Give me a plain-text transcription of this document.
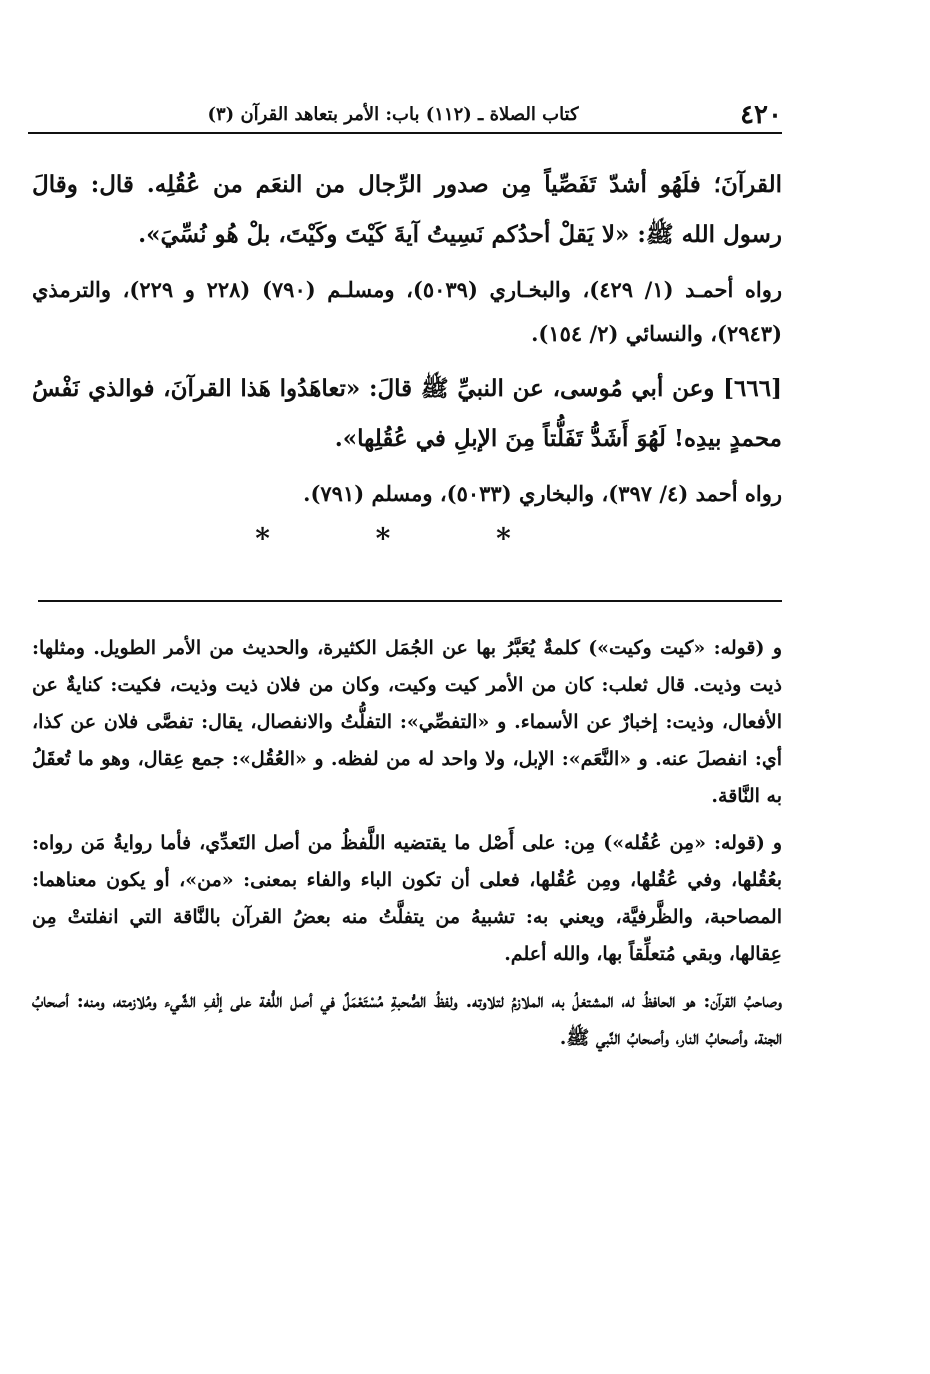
(٣) كتاب الصلاة ـ (١١٢) باب: الأمر بتعاهد القرآن	٤٢٠

القرآنَ؛ فلَهُو أشدّ تَفَصِّياً مِن صدور الرِّجال من النعَم من عُقُلِه. قال: وقالَ رسول الله ﷺ: «لا يَقلْ أحدُكم نَسِيتُ آيةَ كَيْتَ وكَيْتَ، بلْ هُو نُسِّيَ».

رواه أحمـد (١/ ٤٢٩)، والبخـاري (٥٠٣٩)، ومسلـم (٧٩٠) (٢٢٨ و ٢٢٩)، والترمذي (٢٩٤٣)، والنسائي (٢/ ١٥٤).

[٦٦٦] وعن أبي مُوسى، عن النبيِّ ﷺ قالَ: «تعاهَدُوا هَذا القرآنَ، فوالذي نَفْسُ محمدٍ بيدِه! لَهُوَ أَشَدُّ تَفَلُّتاً مِنَ الإبلِ في عُقُلِها».

رواه أحمد (٤/ ٣٩٧)، والبخاري (٥٠٣٣)، ومسلم (٧٩١).

* * *

و (قوله: «كيت وكيت») كلمةٌ يُعَبَّرُ بها عن الجُمَل الكثيرة، والحديث من الأمر الطويل. ومثلها: ذيت وذيت. قال ثعلب: كان من الأمر كيت وكيت، وكان من فلان ذيت وذيت، فكيت: كنايةٌ عن الأفعال، وذيت: إخبارٌ عن الأسماء. و «التفصِّي»: التفلُّتُ والانفصال، يقال: تفصَّى فلان عن كذا، أي: انفصلَ عنه. و «النَّعَم»: الإبل، ولا واحد له من لفظه. و «العُقُل»: جمع عِقال، وهو ما تُعقَلُ به النَّاقة.

و (قوله: «مِن عُقُله») مِن: على أَصْل ما يقتضيه اللَّفظُ من أصل التَعدِّي، فأما روايةُ مَن رواه: بعُقُلها، وفي عُقُلها، ومِن عُقُلها، فعلى أن تكون الباء والفاء بمعنى: «من»، أو يكون معناهما: المصاحبة، والظَّرفيَّة، ويعني به: تشبيهُ من يتفلَّتُ منه بعضُ القرآن بالنَّاقة التي انفلتتْ مِن عِقالها، وبقي مُتعلِّقاً بها، والله أعلم.

وصاحبُ القرآن: هو الحافظُ له، المشتغلُ به، الملازمُ لتلاوته. ولفظُ الصُّحبةِ مُسْتَعْمَلٌ في أصل اللُّغة على إلْفِ الشَّيء ومُلازمته، ومنه: أصحابُ الجنة، وأصحابُ النار، وأصحابُ النَّبي ﷺ.
